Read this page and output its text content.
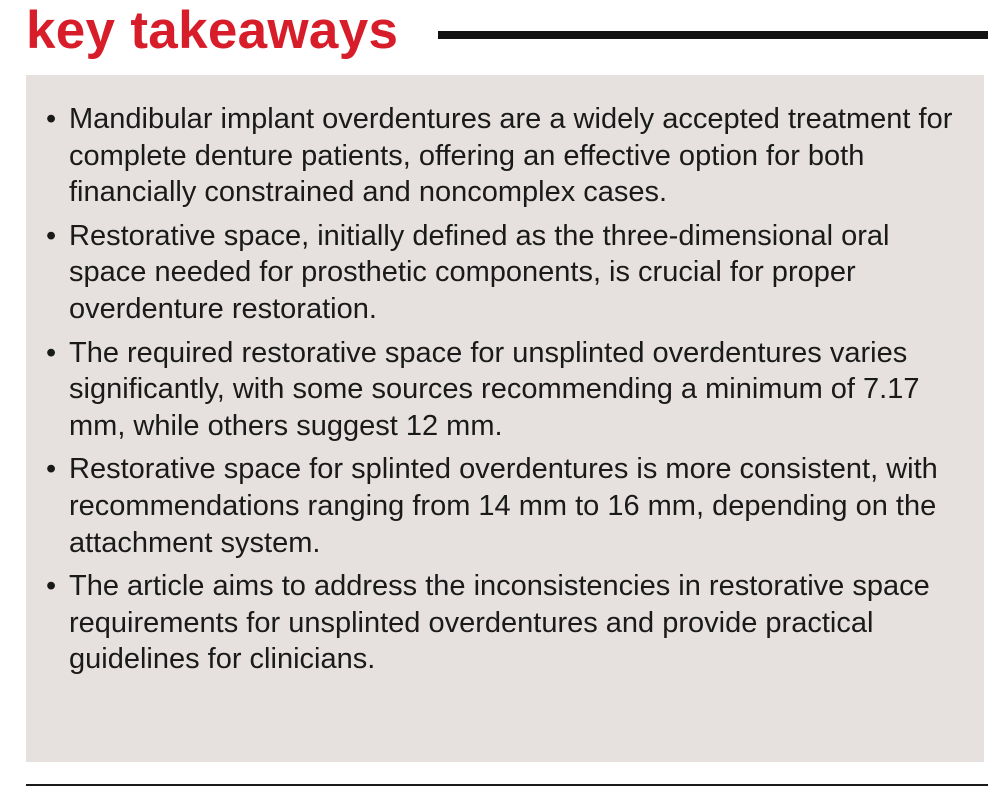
key takeaways
• Mandibular implant overdentures are a widely accepted treatment for complete denture patients, offering an effective option for both financially constrained and noncomplex cases.
• Restorative space, initially defined as the three-dimensional oral space needed for prosthetic components, is crucial for proper overdenture restoration.
• The required restorative space for unsplinted overdentures varies significantly, with some sources recommending a minimum of 7.17 mm, while others suggest 12 mm.
• Restorative space for splinted overdentures is more consistent, with recommendations ranging from 14 mm to 16 mm, depending on the attachment system.
• The article aims to address the inconsistencies in restorative space requirements for unsplinted overdentures and provide practical guidelines for clinicians.
